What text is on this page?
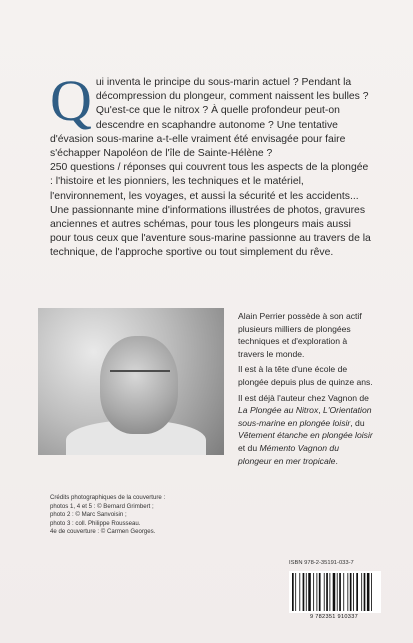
Q ui inventa le principe du sous-marin actuel ? Pendant la décompression du plongeur, comment naissent les bulles ? Qu'est-ce que le nitrox ? À quelle profondeur peut-on descendre en scaphandre autonome ? Une tentative d'évasion sous-marine a-t-elle vraiment été envisagée pour faire s'échapper Napoléon de l'île de Sainte-Hélène ?

250 questions / réponses qui couvrent tous les aspects de la plongée : l'histoire et les pionniers, les techniques et le matériel, l'environnement, les voyages, et aussi la sécurité et les accidents...

Une passionnante mine d'informations illustrées de photos, gravures anciennes et autres schémas, pour tous les plongeurs mais aussi pour tous ceux que l'aventure sous-marine passionne au travers de la technique, de l'approche sportive ou tout simplement du rêve.

Alain Perrier possède à son actif plusieurs milliers de plongées techniques et d'exploration à travers le monde.

Il est à la tête d'une école de plongée depuis plus de quinze ans.

Il est déjà l'auteur chez Vagnon de La Plongée au Nitrox, L'Orientation sous-marine en plongée loisir, du Vêtement étanche en plongée loisir et du Mémento Vagnon du plongeur en mer tropicale.

Crédits photographiques de la couverture :
photos 1, 4 et 5 : © Bernard Grimbert ;
photo 2 : © Marc Sanvoisin ;
photo 3 : coll. Philippe Rousseau.
4e de couverture : © Carmen Georges.
ISBN 978-2-35191-033-7
9 782351 910337
